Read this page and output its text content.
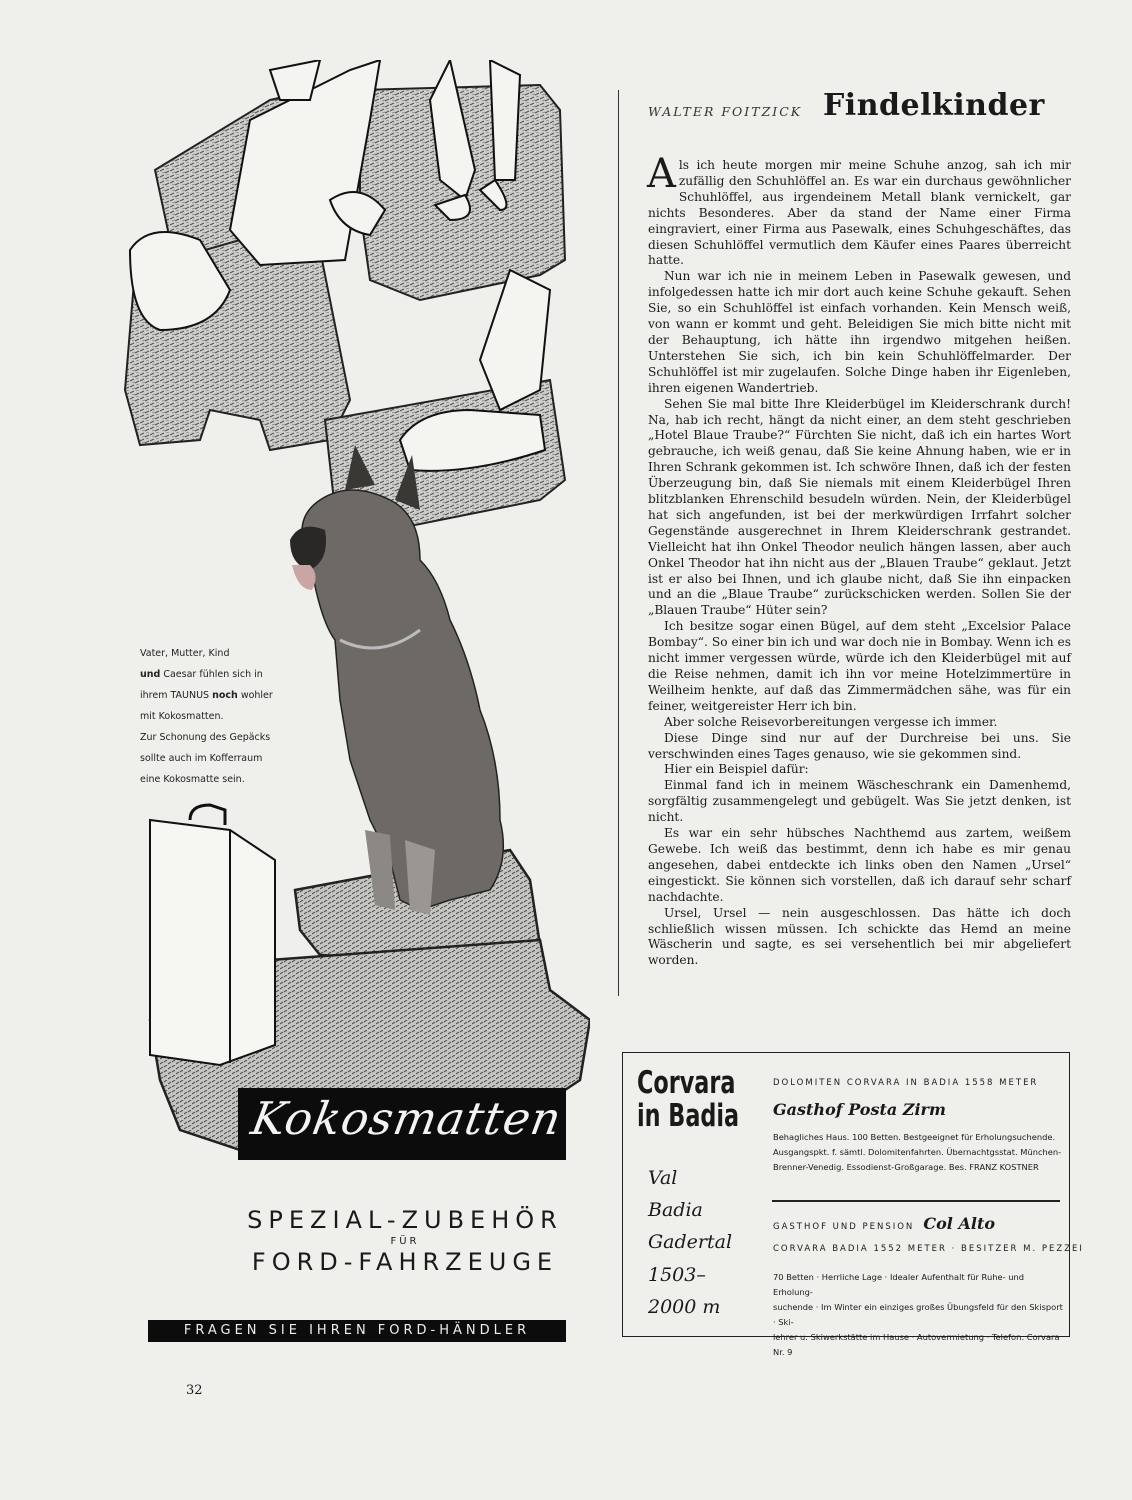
Vater, Mutter, Kind
und Caesar fühlen sich in
ihrem TAUNUS noch wohler
mit Kokosmatten.
Zur Schonung des Gepäcks
sollte auch im Kofferraum
eine Kokosmatte sein.
H. Kokosmatten
SPEZIAL-ZUBEHÖR
FÜR
FORD-FAHRZEUGE
FRAGEN SIE IHREN FORD-HÄNDLER
32
WALTER FOITZICK Findelkinder

Als ich heute morgen mir meine Schuhe anzog, sah ich mir zufällig den Schuhlöffel an. Es war ein durchaus gewöhnlicher Schuhlöffel, aus irgendeinem Metall blank vernickelt, gar nichts Besonderes. Aber da stand der Name einer Firma eingraviert, einer Firma aus Pasewalk, eines Schuhgeschäftes, das diesen Schuhlöffel vermutlich dem Käufer eines Paares überreicht hatte.

Nun war ich nie in meinem Leben in Pasewalk gewesen, und infolgedessen hatte ich mir dort auch keine Schuhe gekauft. Sehen Sie, so ein Schuhlöffel ist einfach vorhanden. Kein Mensch weiß, von wann er kommt und geht. Beleidigen Sie mich bitte nicht mit der Behauptung, ich hätte ihn irgendwo mitgehen heißen. Unterstehen Sie sich, ich bin kein Schuhlöffelmarder. Der Schuhlöffel ist mir zugelaufen. Solche Dinge haben ihr Eigenleben, ihren eigenen Wandertrieb.

Sehen Sie mal bitte Ihre Kleiderbügel im Kleiderschrank durch! Na, hab ich recht, hängt da nicht einer, an dem steht geschrieben „Hotel Blaue Traube?“ Fürchten Sie nicht, daß ich ein hartes Wort gebrauche, ich weiß genau, daß Sie keine Ahnung haben, wie er in Ihren Schrank gekommen ist. Ich schwöre Ihnen, daß ich der festen Überzeugung bin, daß Sie niemals mit einem Kleiderbügel Ihren blitzblanken Ehrenschild besudeln würden. Nein, der Kleiderbügel hat sich angefunden, ist bei der merkwürdigen Irrfahrt solcher Gegenstände ausgerechnet in Ihrem Kleiderschrank gestrandet. Vielleicht hat ihn Onkel Theodor neulich hängen lassen, aber auch Onkel Theodor hat ihn nicht aus der „Blauen Traube“ geklaut. Jetzt ist er also bei Ihnen, und ich glaube nicht, daß Sie ihn einpacken und an die „Blaue Traube“ zurückschicken werden. Sollen Sie der „Blauen Traube“ Hüter sein?

Ich besitze sogar einen Bügel, auf dem steht „Excelsior Palace Bombay“. So einer bin ich und war doch nie in Bombay. Wenn ich es nicht immer vergessen würde, würde ich den Kleiderbügel mit auf die Reise nehmen, damit ich ihn vor meine Hotelzimmertüre in Weilheim henkte, auf daß das Zimmermädchen sähe, was für ein feiner, weitgereister Herr ich bin.

Aber solche Reisevorbereitungen vergesse ich immer.

Diese Dinge sind nur auf der Durchreise bei uns. Sie verschwinden eines Tages genauso, wie sie gekommen sind.

Hier ein Beispiel dafür:

Einmal fand ich in meinem Wäscheschrank ein Damenhemd, sorgfältig zusammengelegt und gebügelt. Was Sie jetzt denken, ist nicht.

Es war ein sehr hübsches Nachthemd aus zartem, weißem Gewebe. Ich weiß das bestimmt, denn ich habe es mir genau angesehen, dabei entdeckte ich links oben den Namen „Ursel“ eingestickt. Sie können sich vorstellen, daß ich darauf sehr scharf nachdachte.

Ursel, Ursel — nein ausgeschlossen. Das hätte ich doch schließlich wissen müssen. Ich schickte das Hemd an meine Wäscherin und sagte, es sei versehentlich bei mir abgeliefert worden.

Corvara
in Badia
Val
Badia
Gadertal
1503–
2000 m
DOLOMITEN CORVARA IN BADIA 1558 METER
Gasthof Posta Zirm
Behagliches Haus. 100 Betten. Bestgeeignet für Erholungsuchende.
Ausgangspkt. f. sämtl. Dolomitenfahrten. Übernachtgsstat. München-
Brenner-Venedig. Essodienst-Großgarage. Bes. FRANZ KOSTNER
GASTHOF UND PENSION Col Alto
CORVARA BADIA 1552 METER · BESITZER M. PEZZEI
70 Betten · Herrliche Lage · Idealer Aufenthalt für Ruhe- und Erholung-
suchende · Im Winter ein einziges großes Übungsfeld für den Skisport · Ski-
lehrer u. Skiwerkstätte im Hause · Autovermietung · Telefon: Corvara Nr. 9
